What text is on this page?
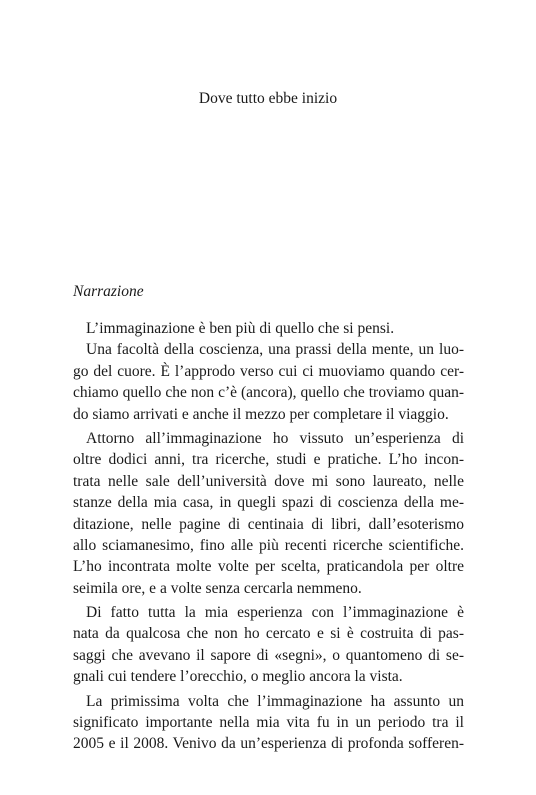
Dove tutto ebbe inizio
Narrazione
L’immaginazione è ben più di quello che si pensi.
Una facoltà della coscienza, una prassi della mente, un luo-
go del cuore. È l’approdo verso cui ci muoviamo quando cer-
chiamo quello che non c’è (ancora), quello che troviamo quan-
do siamo arrivati e anche il mezzo per completare il viaggio.
Attorno all’immaginazione ho vissuto un’esperienza di
oltre dodici anni, tra ricerche, studi e pratiche. L’ho incon-
trata nelle sale dell’università dove mi sono laureato, nelle
stanze della mia casa, in quegli spazi di coscienza della me-
ditazione, nelle pagine di centinaia di libri, dall’esoterismo
allo sciamanesimo, fino alle più recenti ricerche scientifiche.
L’ho incontrata molte volte per scelta, praticandola per oltre
seimila ore, e a volte senza cercarla nemmeno.
Di fatto tutta la mia esperienza con l’immaginazione è
nata da qualcosa che non ho cercato e si è costruita di pas-
saggi che avevano il sapore di «segni», o quantomeno di se-
gnali cui tendere l’orecchio, o meglio ancora la vista.
La primissima volta che l’immaginazione ha assunto un
significato importante nella mia vita fu in un periodo tra il
2005 e il 2008. Venivo da un’esperienza di profonda sofferen-
